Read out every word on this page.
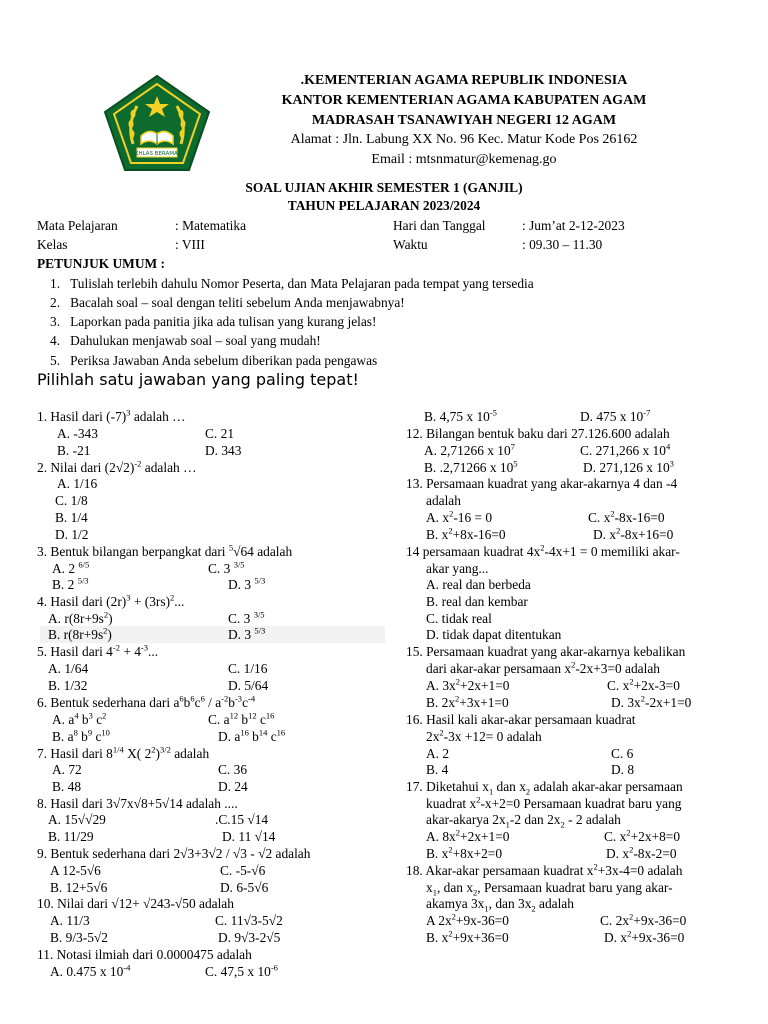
IKHLAS BERAMAL
.KEMENTERIAN AGAMA REPUBLIK INDONESIA
KANTOR KEMENTERIAN AGAMA KABUPATEN AGAM
MADRASAH TSANAWIYAH NEGERI 12 AGAM
Alamat : Jln. Labung XX No. 96 Kec. Matur Kode Pos 26162
Email : mtsnmatur@kemenag.go
SOAL UJIAN AKHIR SEMESTER 1 (GANJIL)
TAHUN PELAJARAN 2023/2024
Mata Pelajaran	: Matematika	Hari dan Tanggal	: Jum’at 2-12-2023
Kelas	: VIII	Waktu	: 09.30 – 11.30
PETUNJUK UMUM :
1.   Tulislah terlebih dahulu Nomor Peserta, dan Mata Pelajaran pada tempat yang tersedia
2.   Bacalah soal – soal dengan teliti sebelum Anda menjawabnya!
3.   Laporkan pada panitia jika ada tulisan yang kurang jelas!
4.   Dahulukan menjawab soal – soal yang mudah!
5.   Periksa Jawaban Anda sebelum diberikan pada pengawas
Pilihlah satu jawaban yang paling tepat!
1. Hasil dari $(-7)^3$ adalah …
A. -343	C. 21
B. -21	D. 343
2. Nilai dari $(2√2)^{-2}$ adalah …
A. 1/16
C. 1/8
B. 1/4
D. 1/2
3. Bentuk bilangan berpangkat dari $^5$√64 adalah
A. 2 $^{6/5}$	C. 3 $^{3/5}$
B. 2 $^{5/3}$	D. 3 $^{5/3}$
4. Hasil dari $(2r)^3 + (3rs)^2$...
A. $r(8r+9s^2)$	C. 3 $^{3/5}$
B. $r(8r+9s^2)$	D. 3 $^{5/3}$
5. Hasil dari $4^{-2} + 4^{-3}$...
A. 1/64	C. 1/16
B. 1/32	D. 5/64
6. Bentuk sederhana dari $a^6b^6c^6 / a^{-2}b^{-3}c^{-4}$
A. $a^4$ $b^3$ $c^2$	C. $a^{12}$ $b^{12}$ $c^{16}$
B. $a^8$ $b^9$ $c^{10}$	D. $a^{16}$ $b^{14}$ $c^{16}$
7. Hasil dari $8^{1/4}$ X( $2^2)^{3/2}$ adalah
A. 72	C. 36
B. 48	D. 24
8. Hasil dari 3√7x√8+5√14 adalah ....
A. 15√√29	.C.15 √14
B. 11/29	D. 11 √14
9. Bentuk sederhana dari 2√3+3√2 / √3 - √2 adalah
A 12-5√6	C. -5-√6
B. 12+5√6	D. 6-5√6
10. Nilai dari √12+ √243-√50 adalah
A. 11/3	C. 11√3-5√2
B. 9/3-5√2	D. 9√3-2√5
11. Notasi ilmiah dari 0.0000475 adalah
A. 0.475 x $10^{-4}$	C. 47,5 x $10^{-6}$
B. 4,75 x $10^{-5}$	D. 475 x $10^{-7}$
12. Bilangan bentuk baku dari 27.126.600 adalah
A. 2,71266 x $10^7$	C. 271,266 x $10^4$
B. .2,71266 x $10^5$	D. 271,126 x $10^3$
13. Persamaan kuadrat yang akar-akarnya 4 dan -4
adalah
A. $x^2-16 = 0$	C. $x^2-8x-16=0$
B. $x^2+8x-16=0$	D. $x^2-8x+16=0$
14 persamaan kuadrat $4x^2-4x+1 = 0$ memiliki akar-
akar yang...
A. real dan berbeda
B. real dan kembar
C. tidak real
D. tidak dapat ditentukan
15. Persamaan kuadrat yang akar-akarnya kebalikan
dari akar-akar persamaan $x^2-2x+3=0$ adalah
A. $3x^2+2x+1=0$	C. $x^2+2x-3=0$
B. $2x^2+3x+1=0$	D. $3x^2-2x+1=0$
16. Hasil kali akar-akar persamaan kuadrat
$2x^2-3x +12= 0$ adalah
A. 2	C. 6
B. 4	D. 8
17. Diketahui $x_1$ dan $x_2$ adalah akar-akar persamaan
kuadrat $x^2-x+2=0$ Persamaan kuadrat baru yang
akar-akarya $2x_1-2$ dan $2x_2 - 2$ adalah
A. $8x^2+2x+1=0$	C. $x^2+2x+8=0$
B. $x^2+8x+2=0$	D. $x^2-8x-2=0$
18. Akar-akar persamaan kuadrat $x^2+3x-4=0$ adalah
$x_1$, dan $x_2$, Persamaan kuadrat baru yang akar-
akamya $3x_1$, dan $3x_2$ adalah
A $2x^2+9x-36=0$	C. $2x^2+9x-36=0$
B. $x^2+9x+36=0$	D. $x^2+9x-36=0$
